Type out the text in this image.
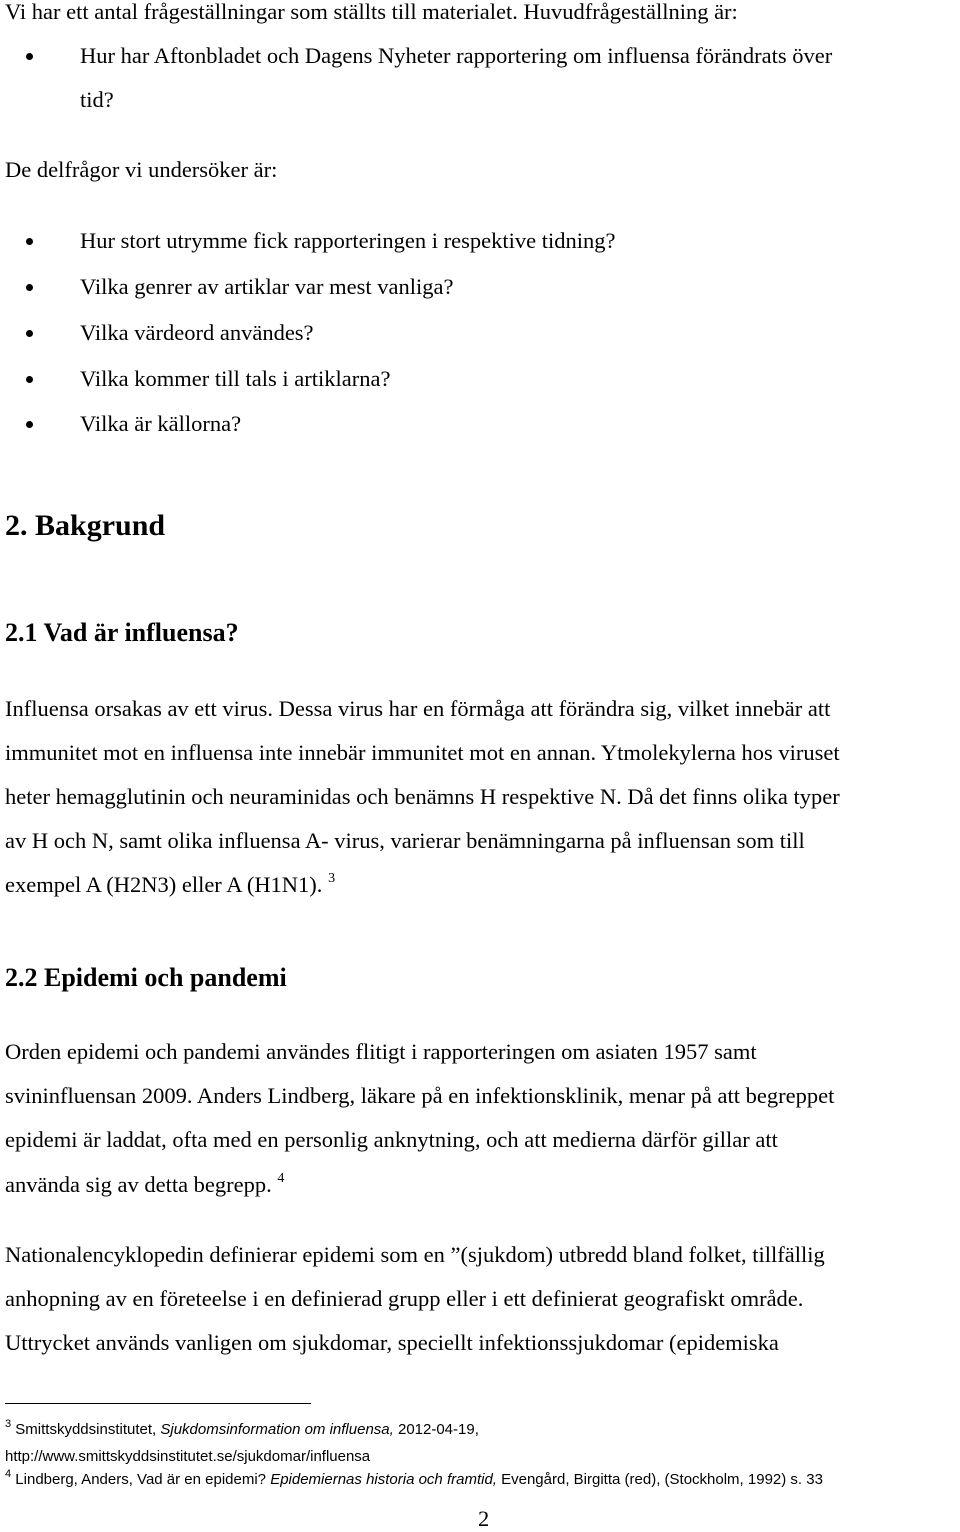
Vi har ett antal frågeställningar som ställts till materialet. Huvudfrågeställning är:
Hur har Aftonbladet och Dagens Nyheter rapportering om influensa förändrats över
tid?
De delfrågor vi undersöker är:
Hur stort utrymme fick rapporteringen i respektive tidning?
Vilka genrer av artiklar var mest vanliga?
Vilka värdeord användes?
Vilka kommer till tals i artiklarna?
Vilka är källorna?
2. Bakgrund
2.1 Vad är influensa?
Influensa orsakas av ett virus. Dessa virus har en förmåga att förändra sig, vilket innebär att
immunitet mot en influensa inte innebär immunitet mot en annan. Ytmolekylerna hos viruset
heter hemagglutinin och neuraminidas och benämns H respektive N. Då det finns olika typer
av H och N, samt olika influensa A- virus, varierar benämningarna på influensan som till
exempel A (H2N3) eller A (H1N1). $^3$
2.2 Epidemi och pandemi
Orden epidemi och pandemi användes flitigt i rapporteringen om asiaten 1957 samt
svininfluensan 2009. Anders Lindberg, läkare på en infektionsklinik, menar på att begreppet
epidemi är laddat, ofta med en personlig anknytning, och att medierna därför gillar att
använda sig av detta begrepp. $^4$
Nationalencyklopedin definierar epidemi som en ”(sjukdom) utbredd bland folket, tillfällig
anhopning av en företeelse i en definierad grupp eller i ett definierat geografiskt område.
Uttrycket används vanligen om sjukdomar, speciellt infektionssjukdomar (epidemiska
$^3$ Smittskyddsinstitutet, Sjukdomsinformation om influensa, 2012-04-19,
http://www.smittskyddsinstitutet.se/sjukdomar/influensa
$^4$ Lindberg, Anders, Vad är en epidemi? Epidemiernas historia och framtid, Evengård, Birgitta (red), (Stockholm, 1992) s. 33
2
